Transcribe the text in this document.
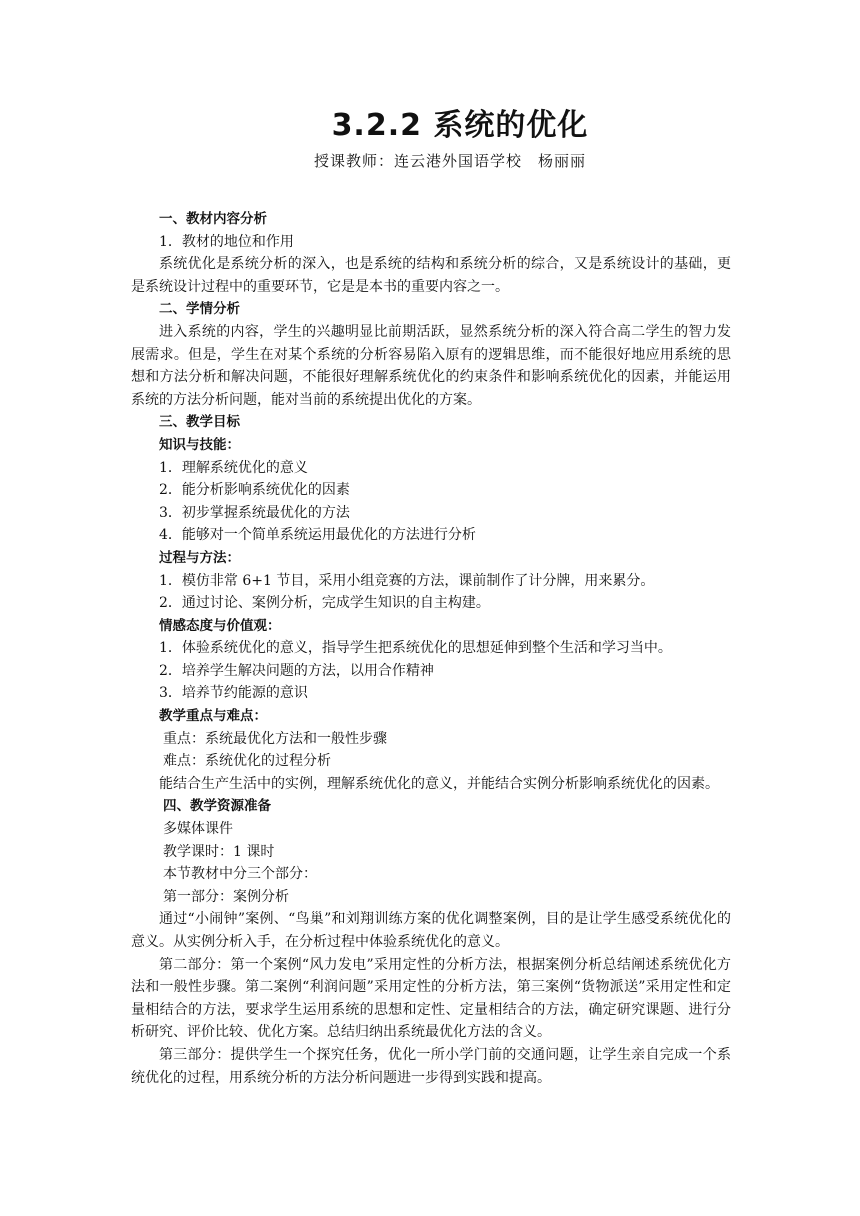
3.2.2 系统的优化
授课教师：连云港外国语学校　杨丽丽

一、教材内容分析

1．教材的地位和作用

系统优化是系统分析的深入，也是系统的结构和系统分析的综合，又是系统设计的基础，更是系统设计过程中的重要环节，它是是本书的重要内容之一。

二、学情分析

进入系统的内容，学生的兴趣明显比前期活跃，显然系统分析的深入符合高二学生的智力发展需求。但是，学生在对某个系统的分析容易陷入原有的逻辑思维，而不能很好地应用系统的思想和方法分析和解决问题，不能很好理解系统优化的约束条件和影响系统优化的因素，并能运用系统的方法分析问题，能对当前的系统提出优化的方案。

三、教学目标

知识与技能：

1．理解系统优化的意义

2．能分析影响系统优化的因素

3．初步掌握系统最优化的方法

4．能够对一个简单系统运用最优化的方法进行分析

过程与方法：

1．模仿非常 6+1 节目，采用小组竞赛的方法，课前制作了计分牌，用来累分。

2．通过讨论、案例分析，完成学生知识的自主构建。

情感态度与价值观：

1．体验系统优化的意义，指导学生把系统优化的思想延伸到整个生活和学习当中。

2．培养学生解决问题的方法，以用合作精神

3．培养节约能源的意识

教学重点与难点：

重点：系统最优化方法和一般性步骤

难点：系统优化的过程分析

能结合生产生活中的实例，理解系统优化的意义，并能结合实例分析影响系统优化的因素。

四、教学资源准备

多媒体课件

教学课时：1 课时

本节教材中分三个部分：

第一部分：案例分析

通过“小闹钟”案例、“鸟巢”和刘翔训练方案的优化调整案例，目的是让学生感受系统优化的意义。从实例分析入手，在分析过程中体验系统优化的意义。

第二部分：第一个案例“风力发电”采用定性的分析方法，根据案例分析总结阐述系统优化方法和一般性步骤。第二案例“利润问题”采用定性的分析方法，第三案例“货物派送”采用定性和定量相结合的方法，要求学生运用系统的思想和定性、定量相结合的方法，确定研究课题、进行分析研究、评价比较、优化方案。总结归纳出系统最优化方法的含义。

第三部分：提供学生一个探究任务，优化一所小学门前的交通问题，让学生亲自完成一个系统优化的过程，用系统分析的方法分析问题进一步得到实践和提高。
